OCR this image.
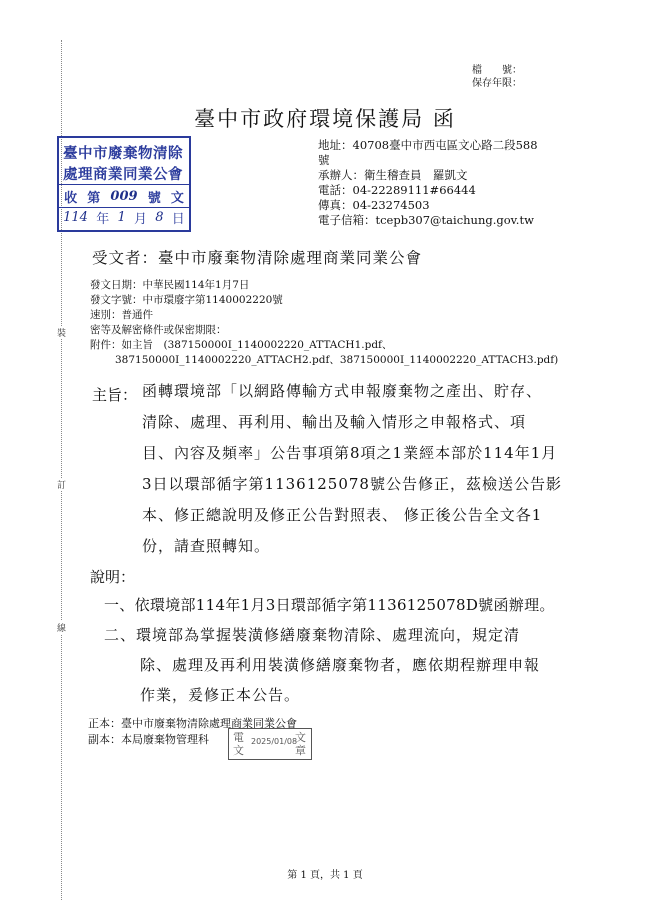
裝
訂
線
檔　　號：
保存年限：
臺中市政府環境保護局 函
臺中市廢棄物清除
處理商業同業公會
收 第 009 號 文
114 年 1 月 8 日
地址：40708臺中市西屯區文心路二段588
號
承辦人：衛生稽查員　羅凱文
電話：04-22289111#66444
傳真：04-23274503
電子信箱：tcepb307@taichung.gov.tw
受文者：臺中市廢棄物清除處理商業同業公會
發文日期：中華民國114年1月7日
發文字號：中市環廢字第1140002220號
速別：普通件
密等及解密條件或保密期限：
附件：如主旨　(387150000I_1140002220_ATTACH1.pdf、
387150000I_1140002220_ATTACH2.pdf、387150000I_1140002220_ATTACH3.pdf)
主旨： 函轉環境部「以網路傳輸方式申報廢棄物之產出、貯存、
清除、處理、再利用、輸出及輸入情形之申報格式、項
目、內容及頻率」公告事項第8項之1業經本部於114年1月
3日以環部循字第1136125078號公告修正，茲檢送公告影
本、修正總說明及修正公告對照表、 修正後公告全文各1
份，請查照轉知。
說明：
一、依環境部114年1月3日環部循字第1136125078D號函辦理。
二、環境部為掌握裝潢修繕廢棄物清除、處理流向，規定清
除、處理及再利用裝潢修繕廢棄物者，應依期程辦理申報
作業，爰修正本公告。
正本：臺中市廢棄物清除處理商業同業公會
副本：本局廢棄物管理科 電文
2025/01/08
文章
第 1 頁，共 1 頁
